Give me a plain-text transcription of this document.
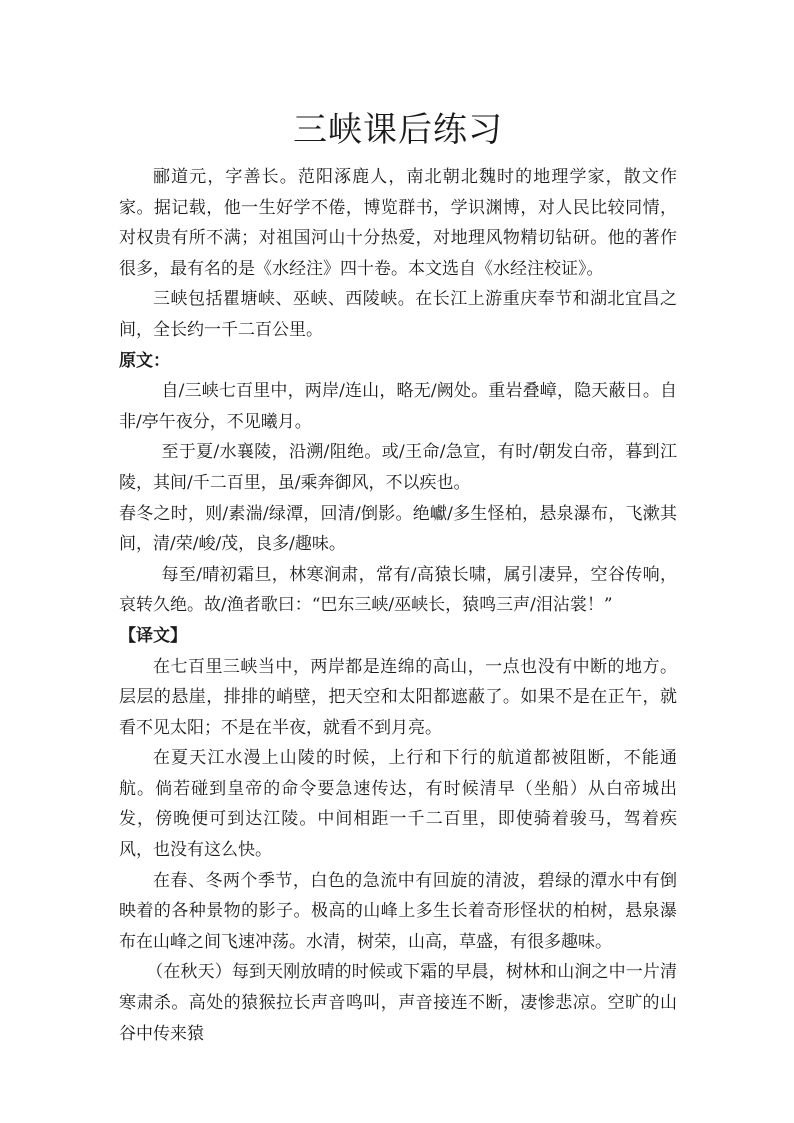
三峡课后练习

郦道元，字善长。范阳涿鹿人，南北朝北魏时的地理学家，散文作家。据记载，他一生好学不倦，博览群书，学识渊博，对人民比较同情，对权贵有所不满；对祖国河山十分热爱，对地理风物精切钻研。他的著作很多，最有名的是《水经注》四十卷。本文选自《水经注校证》。

三峡包括瞿塘峡、巫峡、西陵峡。在长江上游重庆奉节和湖北宜昌之间，全长约一千二百公里。

原文：

自/三峡七百里中，两岸/连山，略无/阙处。重岩叠嶂，隐天蔽日。自非/亭午夜分，不见曦月。

至于夏/水襄陵，沿溯/阻绝。或/王命/急宣，有时/朝发白帝，暮到江陵，其间/千二百里，虽/乘奔御风，不以疾也。

春冬之时，则/素湍/绿潭，回清/倒影。绝巘/多生怪柏，悬泉瀑布，飞漱其间，清/荣/峻/茂，良多/趣味。

每至/晴初霜旦，林寒涧肃，常有/高猿长啸，属引凄异，空谷传响，哀转久绝。故/渔者歌曰：“巴东三峡/巫峡长，猿鸣三声/泪沾裳！”

【译文】

在七百里三峡当中，两岸都是连绵的高山，一点也没有中断的地方。层层的悬崖，排排的峭壁，把天空和太阳都遮蔽了。如果不是在正午，就看不见太阳；不是在半夜，就看不到月亮。

在夏天江水漫上山陵的时候，上行和下行的航道都被阻断，不能通航。倘若碰到皇帝的命令要急速传达，有时候清早（坐船）从白帝城出发，傍晚便可到达江陵。中间相距一千二百里，即使骑着骏马，驾着疾风，也没有这么快。

在春、冬两个季节，白色的急流中有回旋的清波，碧绿的潭水中有倒映着的各种景物的影子。极高的山峰上多生长着奇形怪状的柏树，悬泉瀑布在山峰之间飞速冲荡。水清，树荣，山高，草盛，有很多趣味。

（在秋天）每到天刚放晴的时候或下霜的早晨，树林和山涧之中一片清寒肃杀。高处的猿猴拉长声音鸣叫，声音接连不断，凄惨悲凉。空旷的山谷中传来猿
